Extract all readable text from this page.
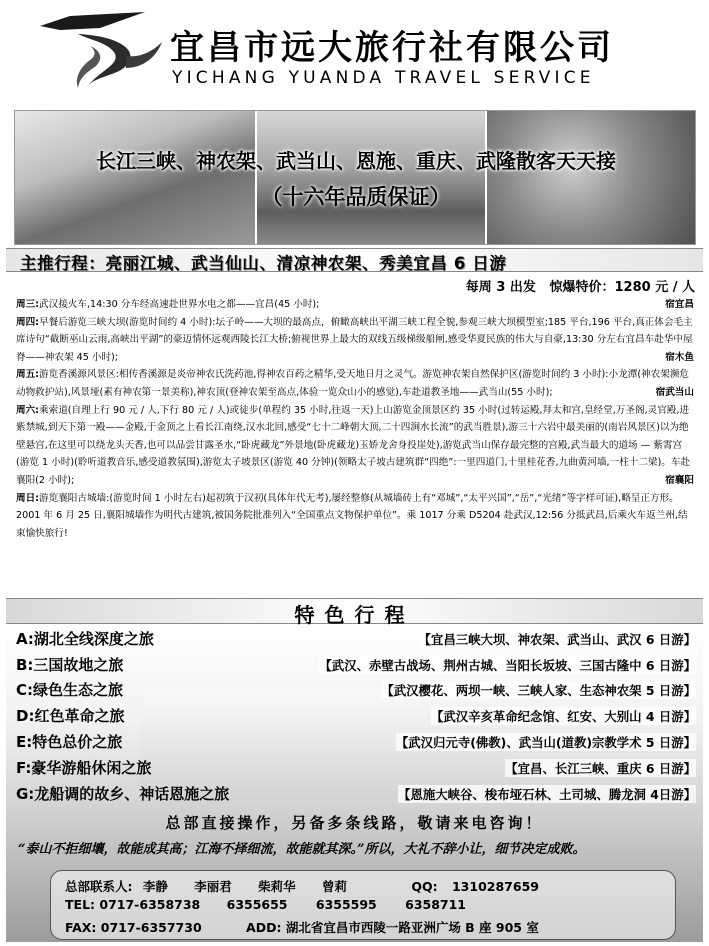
宜昌市远大旅行社有限公司
YICHANG YUANDA TRAVEL SERVICE
长江三峡、神农架、武当山、恩施、重庆、武隆散客天天接
（十六年品质保证）
主推行程：亮丽江城、武当仙山、清凉神农架、秀美宜昌 6 日游
每周 3 出发 惊爆特价：1280 元 / 人
周三:武汉接火车,14:30 分车经高速赴世界水电之都——宜昌(45 小时);	宿宜昌
周四:早餐后游览三峡大坝(游览时间约 4 小时):坛子岭——大坝的最高点，俯瞰高峡出平湖三峡工程全貌,参观三峡大坝模型室;185 平台,196 平台,真正体会毛主席诗句“截断巫山云雨,高峡出平湖”的豪迈情怀远观西陵长江大桥;俯视世界上最大的双线五级梯级船闸,感受华夏民族的伟大与自豪,13:30 分左右宜昌车赴华中屋脊——神农架 45 小时);	宿木鱼
周五:游览香溪源风景区:相传香溪源是炎帝神农氏洗药池,得神农百药之精华,受天地日月之灵气。游览神农架自然保护区(游览时间约 3 小时):小龙潭(神农架濒危动物救护站),风景垭(素有神农第一景美称),神农顶(登神农架至高点,体验一览众山小的感觉),车赴道教圣地——武当山(55 小时);	宿武当山
周六:乘索道(自理上行 90 元 / 人,下行 80 元 / 人)或徒步(单程约 35 小时,往返一天)上山游览金顶景区约 35 小时(过转运殿,拜太和宫,皇经堂,万圣阁,灵官殿,进紫禁城,到天下第一殿——金殿,于金顶之上看长江南绕,汉水北回,感受“七十二峰朝大顶,二十四涧水长流”的武当胜景),游三十六岩中最美丽的(南岩风景区)以为绝壁悬宫,在这里可以绕龙头天香,也可以品尝甘露圣水,“卧虎藏龙”外景地(卧虎藏龙)玉娇龙舍身投崖处),游览武当山保存最完整的宫殿,武当最大的道场 — 紫霄宫(游览 1 小时)(聆听道教音乐,感受道教氛围),游览太子坡景区(游览 40 分钟)(领略太子坡古建筑群“四绝”:一里四道门,十里桂花香,九曲黄河墙,一柱十二梁)。车赴襄阳(2 小时);	宿襄阳
周日:游览襄阳古城墙:(游览时间 1 小时左右)起初筑于汉初(具体年代无考),屡经整修(从城墙砖上有“邓城”,“太平兴国”,“岳”,“光绪”等字样可证),略呈正方形。2001 年 6 月 25 日,襄阳城墙作为明代古建筑,被国务院批准列入“全国重点文物保护单位”。乘 1017 分乘 D5204 赴武汉,12:56 分抵武昌,后乘火车返兰州,结束愉快旅行!
特色行程
A:湖北全线深度之旅	【宜昌三峡大坝、神农架、武当山、武汉 6 日游】
B:三国故地之旅	【武汉、赤壁古战场、荆州古城、当阳长坂坡、三国古隆中 6 日游】
C:绿色生态之旅	【武汉樱花、两坝一峡、三峡人家、生态神农架 5 日游】
D:红色革命之旅	【武汉辛亥革命纪念馆、红安、大别山 4 日游】
E:特色总价之旅	【武汉归元寺(佛教)、武当山(道教)宗教学术 5 日游】
F:豪华游船休闲之旅	【宜昌、长江三峡、重庆 6 日游】
G:龙船调的故乡、神话恩施之旅	【恩施大峡谷、梭布垭石林、土司城、腾龙洞 4日游】
总部直接操作，另备多条线路，敬请来电咨询！
“泰山不拒细壤，故能成其高；江海不择细流，故能就其深。”所以，大礼不辞小让，细节决定成败。
总部联系人: 李静 李丽君 柴莉华 曾莉	QQ: 1310287659
TEL: 0717-6358738 6355655 6355595 6358711
FAX: 0717-6357730	ADD: 湖北省宜昌市西陵一路亚洲广场 B 座 905 室
